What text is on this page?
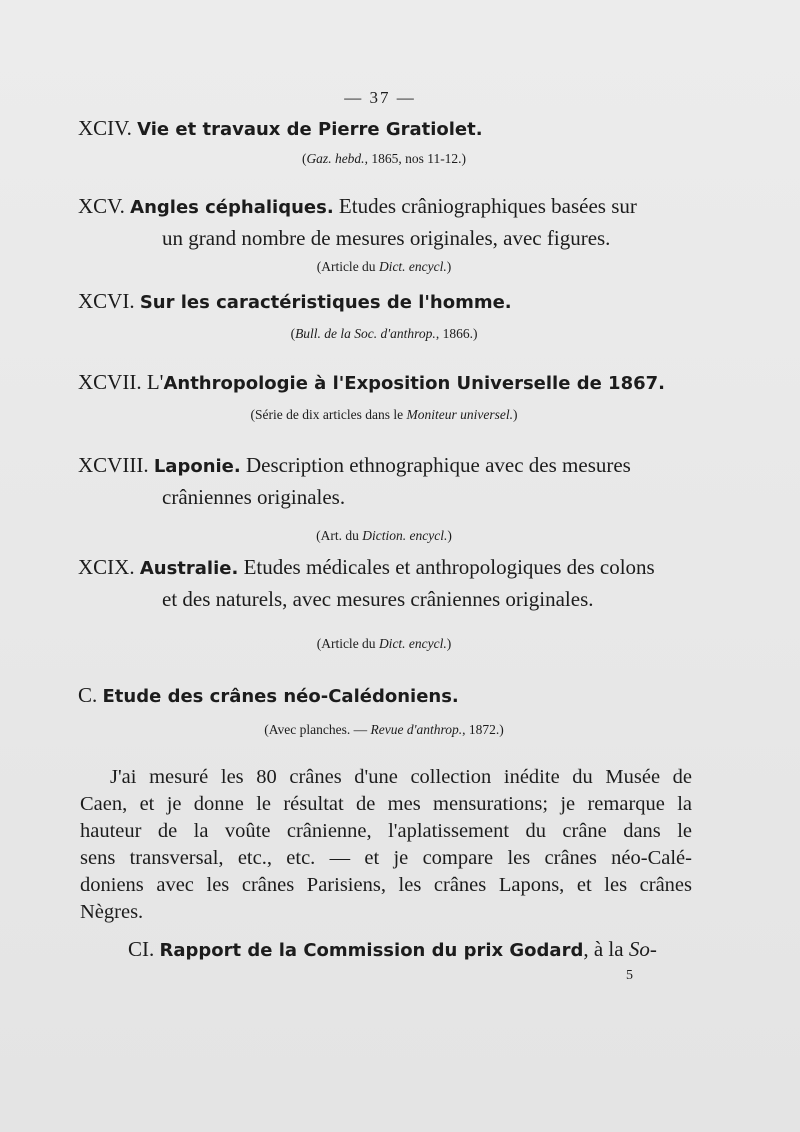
— 37 —
XCIV. Vie et travaux de Pierre Gratiolet.
(Gaz. hebd., 1865, nos 11-12.)
XCV. Angles céphaliques. Etudes crâniographiques basées sur
un grand nombre de mesures originales, avec figures.
(Article du Dict. encycl.)
XCVI. Sur les caractéristiques de l'homme.
(Bull. de la Soc. d'anthrop., 1866.)
XCVII. L'Anthropologie à l'Exposition Universelle de 1867.
(Série de dix articles dans le Moniteur universel.)
XCVIII. Laponie. Description ethnographique avec des mesures
crâniennes originales.
(Art. du Diction. encycl.)
XCIX. Australie. Etudes médicales et anthropologiques des colons
et des naturels, avec mesures crâniennes originales.
(Article du Dict. encycl.)
C. Etude des crânes néo-Calédoniens.
(Avec planches. — Revue d'anthrop., 1872.)
J'ai mesuré les 80 crânes d'une collection inédite du Musée de
Caen, et je donne le résultat de mes mensurations; je remarque la
hauteur de la voûte crânienne, l'aplatissement du crâne dans le
sens transversal, etc., etc. — et je compare les crânes néo-Calé-
doniens avec les crânes Parisiens, les crânes Lapons, et les crânes
Nègres.
CI. Rapport de la Commission du prix Godard, à la So-
5
